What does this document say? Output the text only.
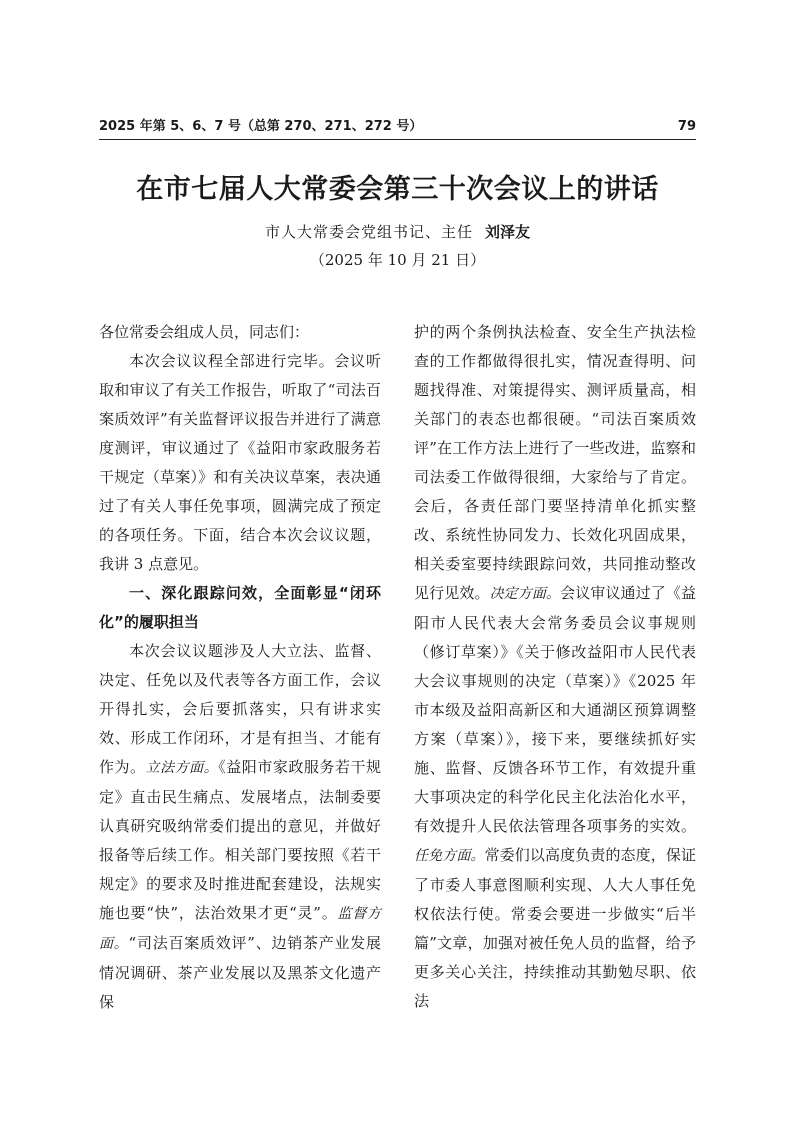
2025 年第 5、6、7 号（总第 270、271、272 号）	79
在市七届人大常委会第三十次会议上的讲话
市人大常委会党组书记、主任 刘泽友
（2025 年 10 月 21 日）

各位常委会组成人员，同志们：

本次会议议程全部进行完毕。会议听取和审议了有关工作报告，听取了“司法百案质效评”有关监督评议报告并进行了满意度测评，审议通过了《益阳市家政服务若干规定（草案）》和有关决议草案，表决通过了有关人事任免事项，圆满完成了预定的各项任务。下面，结合本次会议议题，我讲 3 点意见。

一、深化跟踪问效，全面彰显“闭环化”的履职担当

本次会议议题涉及人大立法、监督、决定、任免以及代表等各方面工作，会议开得扎实，会后要抓落实，只有讲求实效、形成工作闭环，才是有担当、才能有作为。立法方面。《益阳市家政服务若干规定》直击民生痛点、发展堵点，法制委要认真研究吸纳常委们提出的意见，并做好报备等后续工作。相关部门要按照《若干规定》的要求及时推进配套建设，法规实施也要“快”，法治效果才更“灵”。监督方面。“司法百案质效评”、边销茶产业发展情况调研、茶产业发展以及黑茶文化遗产保

护的两个条例执法检查、安全生产执法检查的工作都做得很扎实，情况查得明、问题找得准、对策提得实、测评质量高，相关部门的表态也都很硬。“司法百案质效评”在工作方法上进行了一些改进，监察和司法委工作做得很细，大家给与了肯定。会后，各责任部门要坚持清单化抓实整改、系统性协同发力、长效化巩固成果，相关委室要持续跟踪问效，共同推动整改见行见效。决定方面。会议审议通过了《益阳市人民代表大会常务委员会议事规则（修订草案）》《关于修改益阳市人民代表大会议事规则的决定（草案）》《2025 年市本级及益阳高新区和大通湖区预算调整方案（草案）》，接下来，要继续抓好实施、监督、反馈各环节工作，有效提升重大事项决定的科学化民主化法治化水平，有效提升人民依法管理各项事务的实效。任免方面。常委们以高度负责的态度，保证了市委人事意图顺利实现、人大人事任免权依法行使。常委会要进一步做实“后半篇”文章，加强对被任免人员的监督，给予更多关心关注，持续推动其勤勉尽职、依法
